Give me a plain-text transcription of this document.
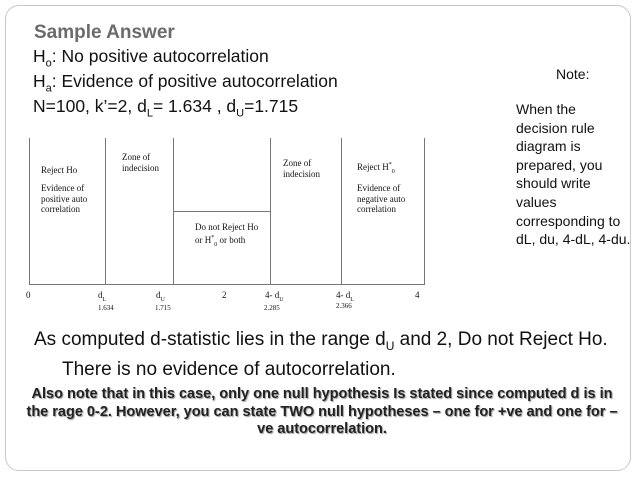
Sample Answer
$H_o$: No positive autocorrelation
$H_a$: Evidence of positive autocorrelation
N=100, k’=2, $d_L= 1.634$ , $d_U=1.715$
Note:
When the decision rule diagram is prepared, you should write values corresponding to dL, du, 4-dL, 4-du.
Reject Ho
Evidence of positive auto correlation
Zone of indecision
Do not Reject Ho or $H^*_0$ or both
Zone of indecision
Reject $H^*_0$
Evidence of negative auto correlation
0	$d_L$	$d_U$	2	4- $d_U$	4- $d_L$	4
1.634	1.715	2.285	2.366
As computed d-statistic lies in the range $d_U$ and 2, Do not Reject Ho. There is no evidence of autocorrelation.
Also note that in this case, only one null hypothesis Is stated since computed d is in the rage 0-2. However, you can state TWO null hypotheses – one for +ve and one for –ve autocorrelation.
